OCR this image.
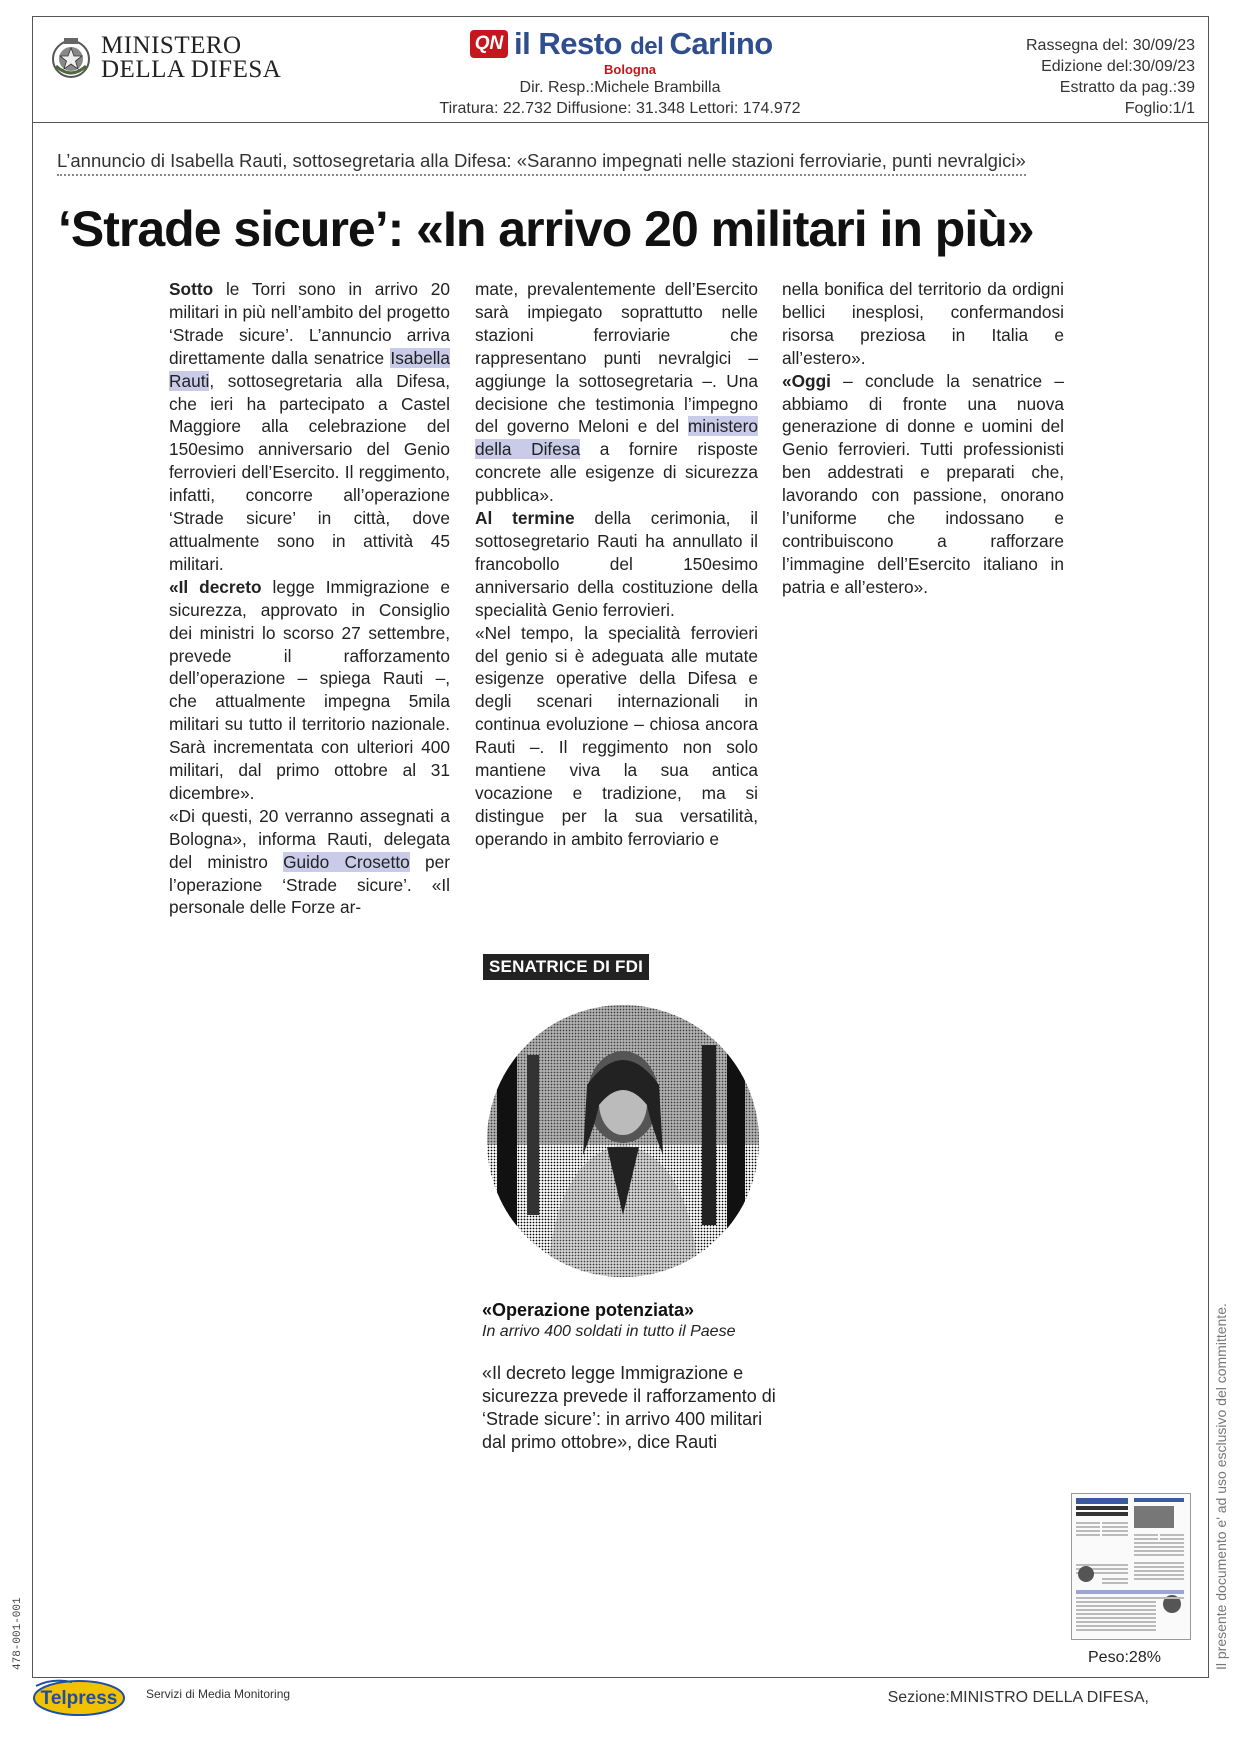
MINISTERO
DELLA DIFESA
QN il Resto del Carlino
Bologna
Dir. Resp.:Michele Brambilla
Tiratura: 22.732 Diffusione: 31.348 Lettori: 174.972
Rassegna del: 30/09/23
Edizione del:30/09/23
Estratto da pag.:39
Foglio:1/1
L’annuncio di Isabella Rauti, sottosegretaria alla Difesa: «Saranno impegnati nelle stazioni ferroviarie, punti nevralgici»
‘Strade sicure’: «In arrivo 20 militari in più»

Sotto le Torri sono in arrivo 20 militari in più nell’ambito del progetto ‘Strade sicure’. L’annuncio arriva direttamente dalla senatrice Isabella Rauti, sottosegretaria alla Difesa, che ieri ha partecipato a Castel Maggiore alla celebrazione del 150esimo anniversario del Genio ferrovieri dell’Esercito. Il reggimento, infatti, concorre all’operazione ‘Strade sicure’ in città, dove attualmente sono in attività 45 militari.

«Il decreto legge Immigrazione e sicurezza, approvato in Consiglio dei ministri lo scorso 27 settembre, prevede il rafforzamento dell’operazione – spiega Rauti –, che attualmente impegna 5mila militari su tutto il territorio nazionale. Sarà incrementata con ulteriori 400 militari, dal primo ottobre al 31 dicembre».

«Di questi, 20 verranno assegnati a Bologna», informa Rauti, delegata del ministro Guido Crosetto per l’operazione ‘Strade sicure’. «Il personale delle Forze ar-

mate, prevalentemente dell’Esercito sarà impiegato soprattutto nelle stazioni ferroviarie che rappresentano punti nevralgici – aggiunge la sottosegretaria –. Una decisione che testimonia l’impegno del governo Meloni e del ministero della Difesa a fornire risposte concrete alle esigenze di sicurezza pubblica».

Al termine della cerimonia, il sottosegretario Rauti ha annullato il francobollo del 150esimo anniversario della costituzione della specialità Genio ferrovieri.

«Nel tempo, la specialità ferrovieri del genio si è adeguata alle mutate esigenze operative della Difesa e degli scenari internazionali in continua evoluzione – chiosa ancora Rauti –. Il reggimento non solo mantiene viva la sua antica vocazione e tradizione, ma si distingue per la sua versatilità, operando in ambito ferroviario e

nella bonifica del territorio da ordigni bellici inesplosi, confermandosi risorsa preziosa in Italia e all’estero».

«Oggi – conclude la senatrice – abbiamo di fronte una nuova generazione di donne e uomini del Genio ferrovieri. Tutti professionisti ben addestrati e preparati che, lavorando con passione, onorano l’uniforme che indossano e contribuiscono a rafforzare l’immagine dell’Esercito italiano in patria e all’estero».

SENATRICE DI FDI
«Operazione potenziata»
In arrivo 400 soldati in tutto il Paese
«Il decreto legge Immigrazione e sicurezza prevede il rafforzamento di ‘Strade sicure’: in arrivo 400 militari dal primo ottobre», dice Rauti
Peso:28%	Il presente documento e' ad uso esclusivo del committente.
478-001-001
Telpress Servizi di Media Monitoring	Sezione:MINISTRO DELLA DIFESA,
